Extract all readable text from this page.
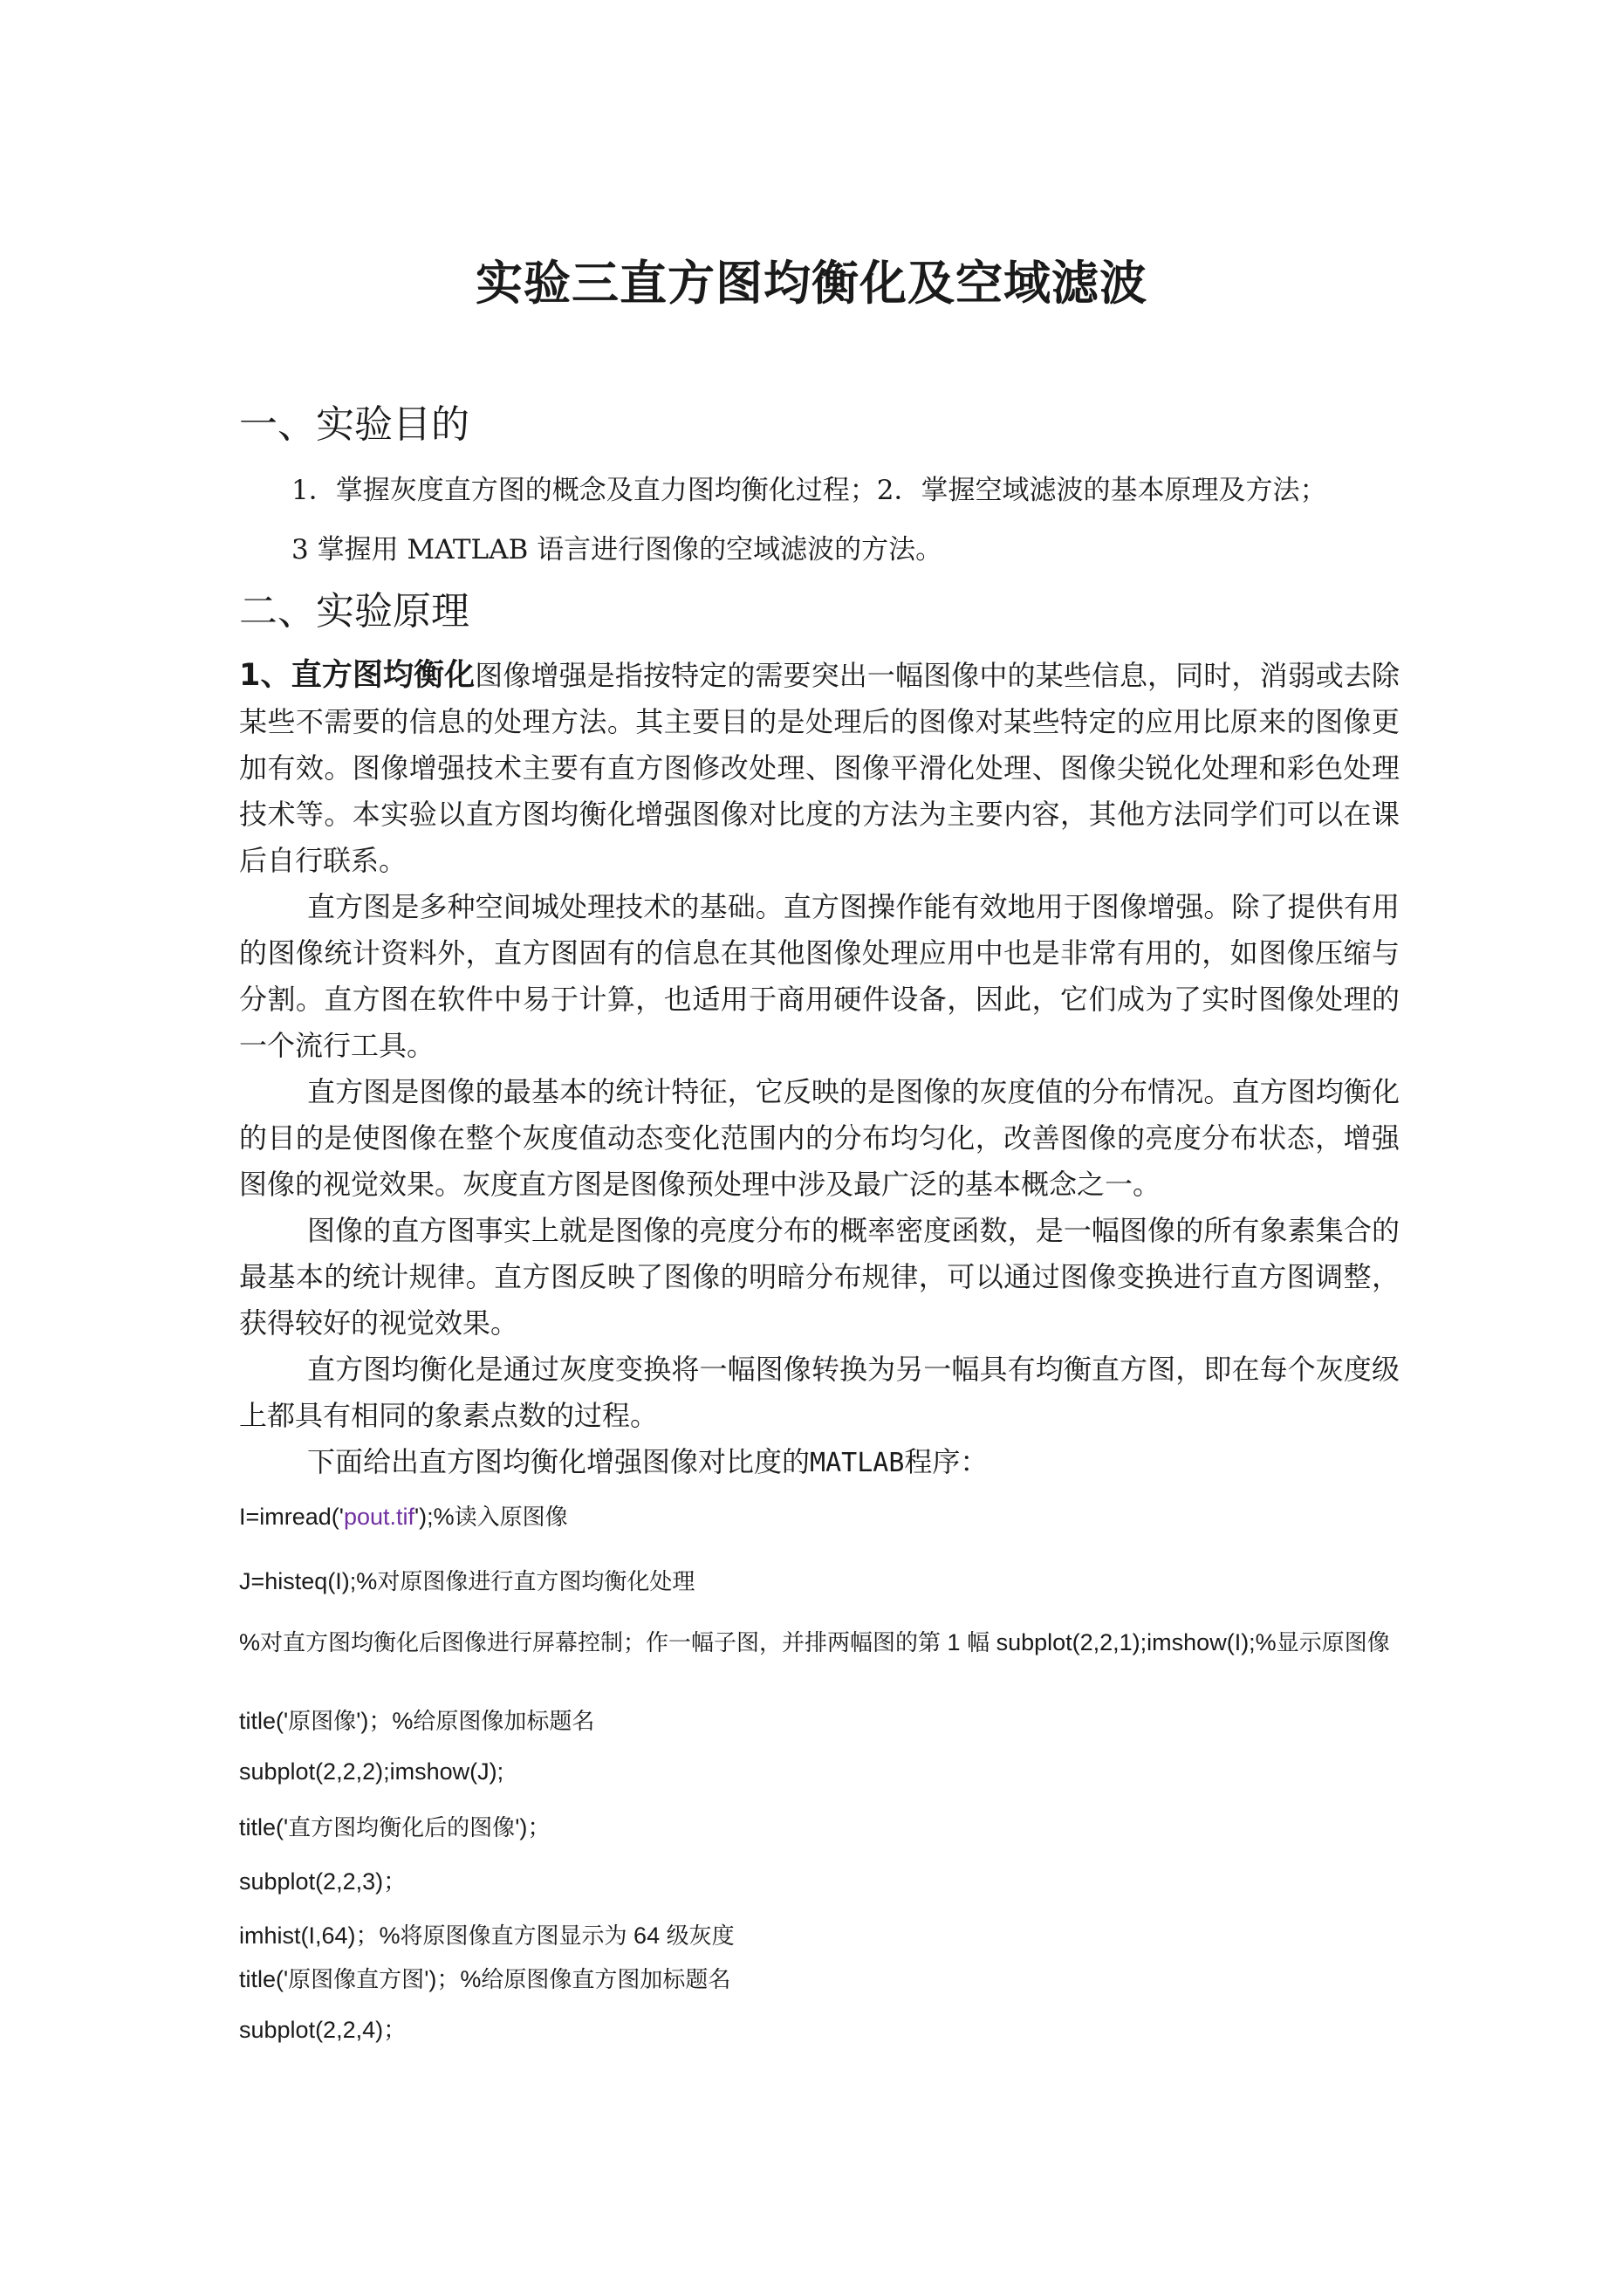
实验三直方图均衡化及空域滤波
一、实验目的
1．掌握灰度直方图的概念及直力图均衡化过程；2．掌握空域滤波的基本原理及方法；
3 掌握用 MATLAB 语言进行图像的空域滤波的方法。
二、实验原理

1、直方图均衡化图像增强是指按特定的需要突出一幅图像中的某些信息，同时，消弱或去除某些不需要的信息的处理方法。其主要目的是处理后的图像对某些特定的应用比原来的图像更加有效。图像增强技术主要有直方图修改处理、图像平滑化处理、图像尖锐化处理和彩色处理技术等。本实验以直方图均衡化增强图像对比度的方法为主要内容，其他方法同学们可以在课后自行联系。

直方图是多种空间城处理技术的基础。直方图操作能有效地用于图像增强。除了提供有用的图像统计资料外，直方图固有的信息在其他图像处理应用中也是非常有用的，如图像压缩与分割。直方图在软件中易于计算，也适用于商用硬件设备，因此，它们成为了实时图像处理的一个流行工具。

直方图是图像的最基本的统计特征，它反映的是图像的灰度值的分布情况。直方图均衡化的目的是使图像在整个灰度值动态变化范围内的分布均匀化，改善图像的亮度分布状态，增强图像的视觉效果。灰度直方图是图像预处理中涉及最广泛的基本概念之一。

图像的直方图事实上就是图像的亮度分布的概率密度函数，是一幅图像的所有象素集合的最基本的统计规律。直方图反映了图像的明暗分布规律，可以通过图像变换进行直方图调整，获得较好的视觉效果。

直方图均衡化是通过灰度变换将一幅图像转换为另一幅具有均衡直方图，即在每个灰度级上都具有相同的象素点数的过程。

下面给出直方图均衡化增强图像对比度的MATLAB程序：

I=imread('pout.tif');%读入原图像
J=histeq(I);%对原图像进行直方图均衡化处理
%对直方图均衡化后图像进行屏幕控制；作一幅子图，并排两幅图的第 1 幅 subplot(2,2,1);imshow(I);%显示原图像
title('原图像')；%给原图像加标题名
subplot(2,2,2);imshow(J);
title('直方图均衡化后的图像')；
subplot(2,2,3)；
imhist(I,64)；%将原图像直方图显示为 64 级灰度
title('原图像直方图')；%给原图像直方图加标题名
subplot(2,2,4)；
